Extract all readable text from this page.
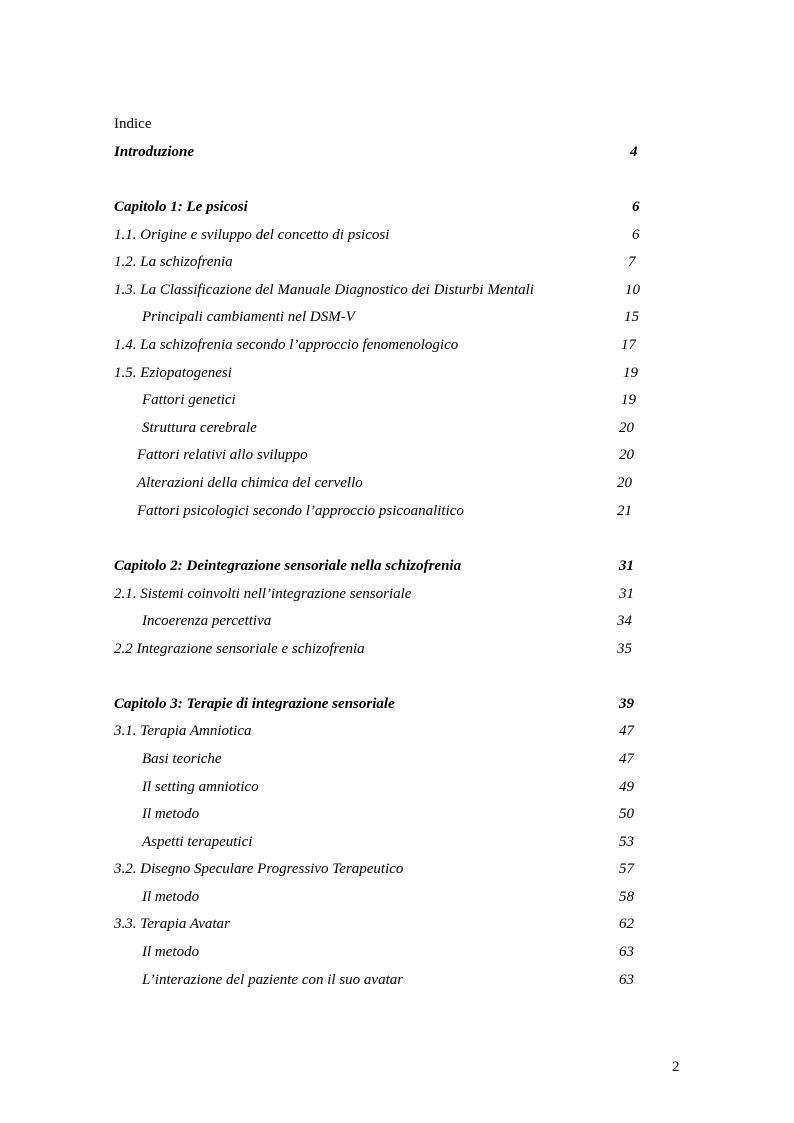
Indice
Introduzione	4
Capitolo 1: Le psicosi	6
1.1. Origine e sviluppo del concetto di psicosi	6
1.2. La schizofrenia	7
1.3. La Classificazione del Manuale Diagnostico dei Disturbi Mentali	10
Principali cambiamenti nel DSM-V	15
1.4. La schizofrenia secondo l’approccio fenomenologico	17
1.5. Eziopatogenesi	19
Fattori genetici	19
Struttura cerebrale	20
Fattori relativi allo sviluppo	20
Alterazioni della chimica del cervello	20
Fattori psicologici secondo l’approccio psicoanalitico	21
Capitolo 2: Deintegrazione sensoriale nella schizofrenia	31
2.1. Sistemi coinvolti nell’integrazione sensoriale	31
Incoerenza percettiva	34
2.2 Integrazione sensoriale e schizofrenia	35
Capitolo 3: Terapie di integrazione sensoriale	39
3.1. Terapia Amniotica	47
Basi teoriche	47
Il setting amniotico	49
Il metodo	50
Aspetti terapeutici	53
3.2. Disegno Speculare Progressivo Terapeutico	57
Il metodo	58
3.3. Terapia Avatar	62
Il metodo	63
L’interazione del paziente con il suo avatar	63
2
